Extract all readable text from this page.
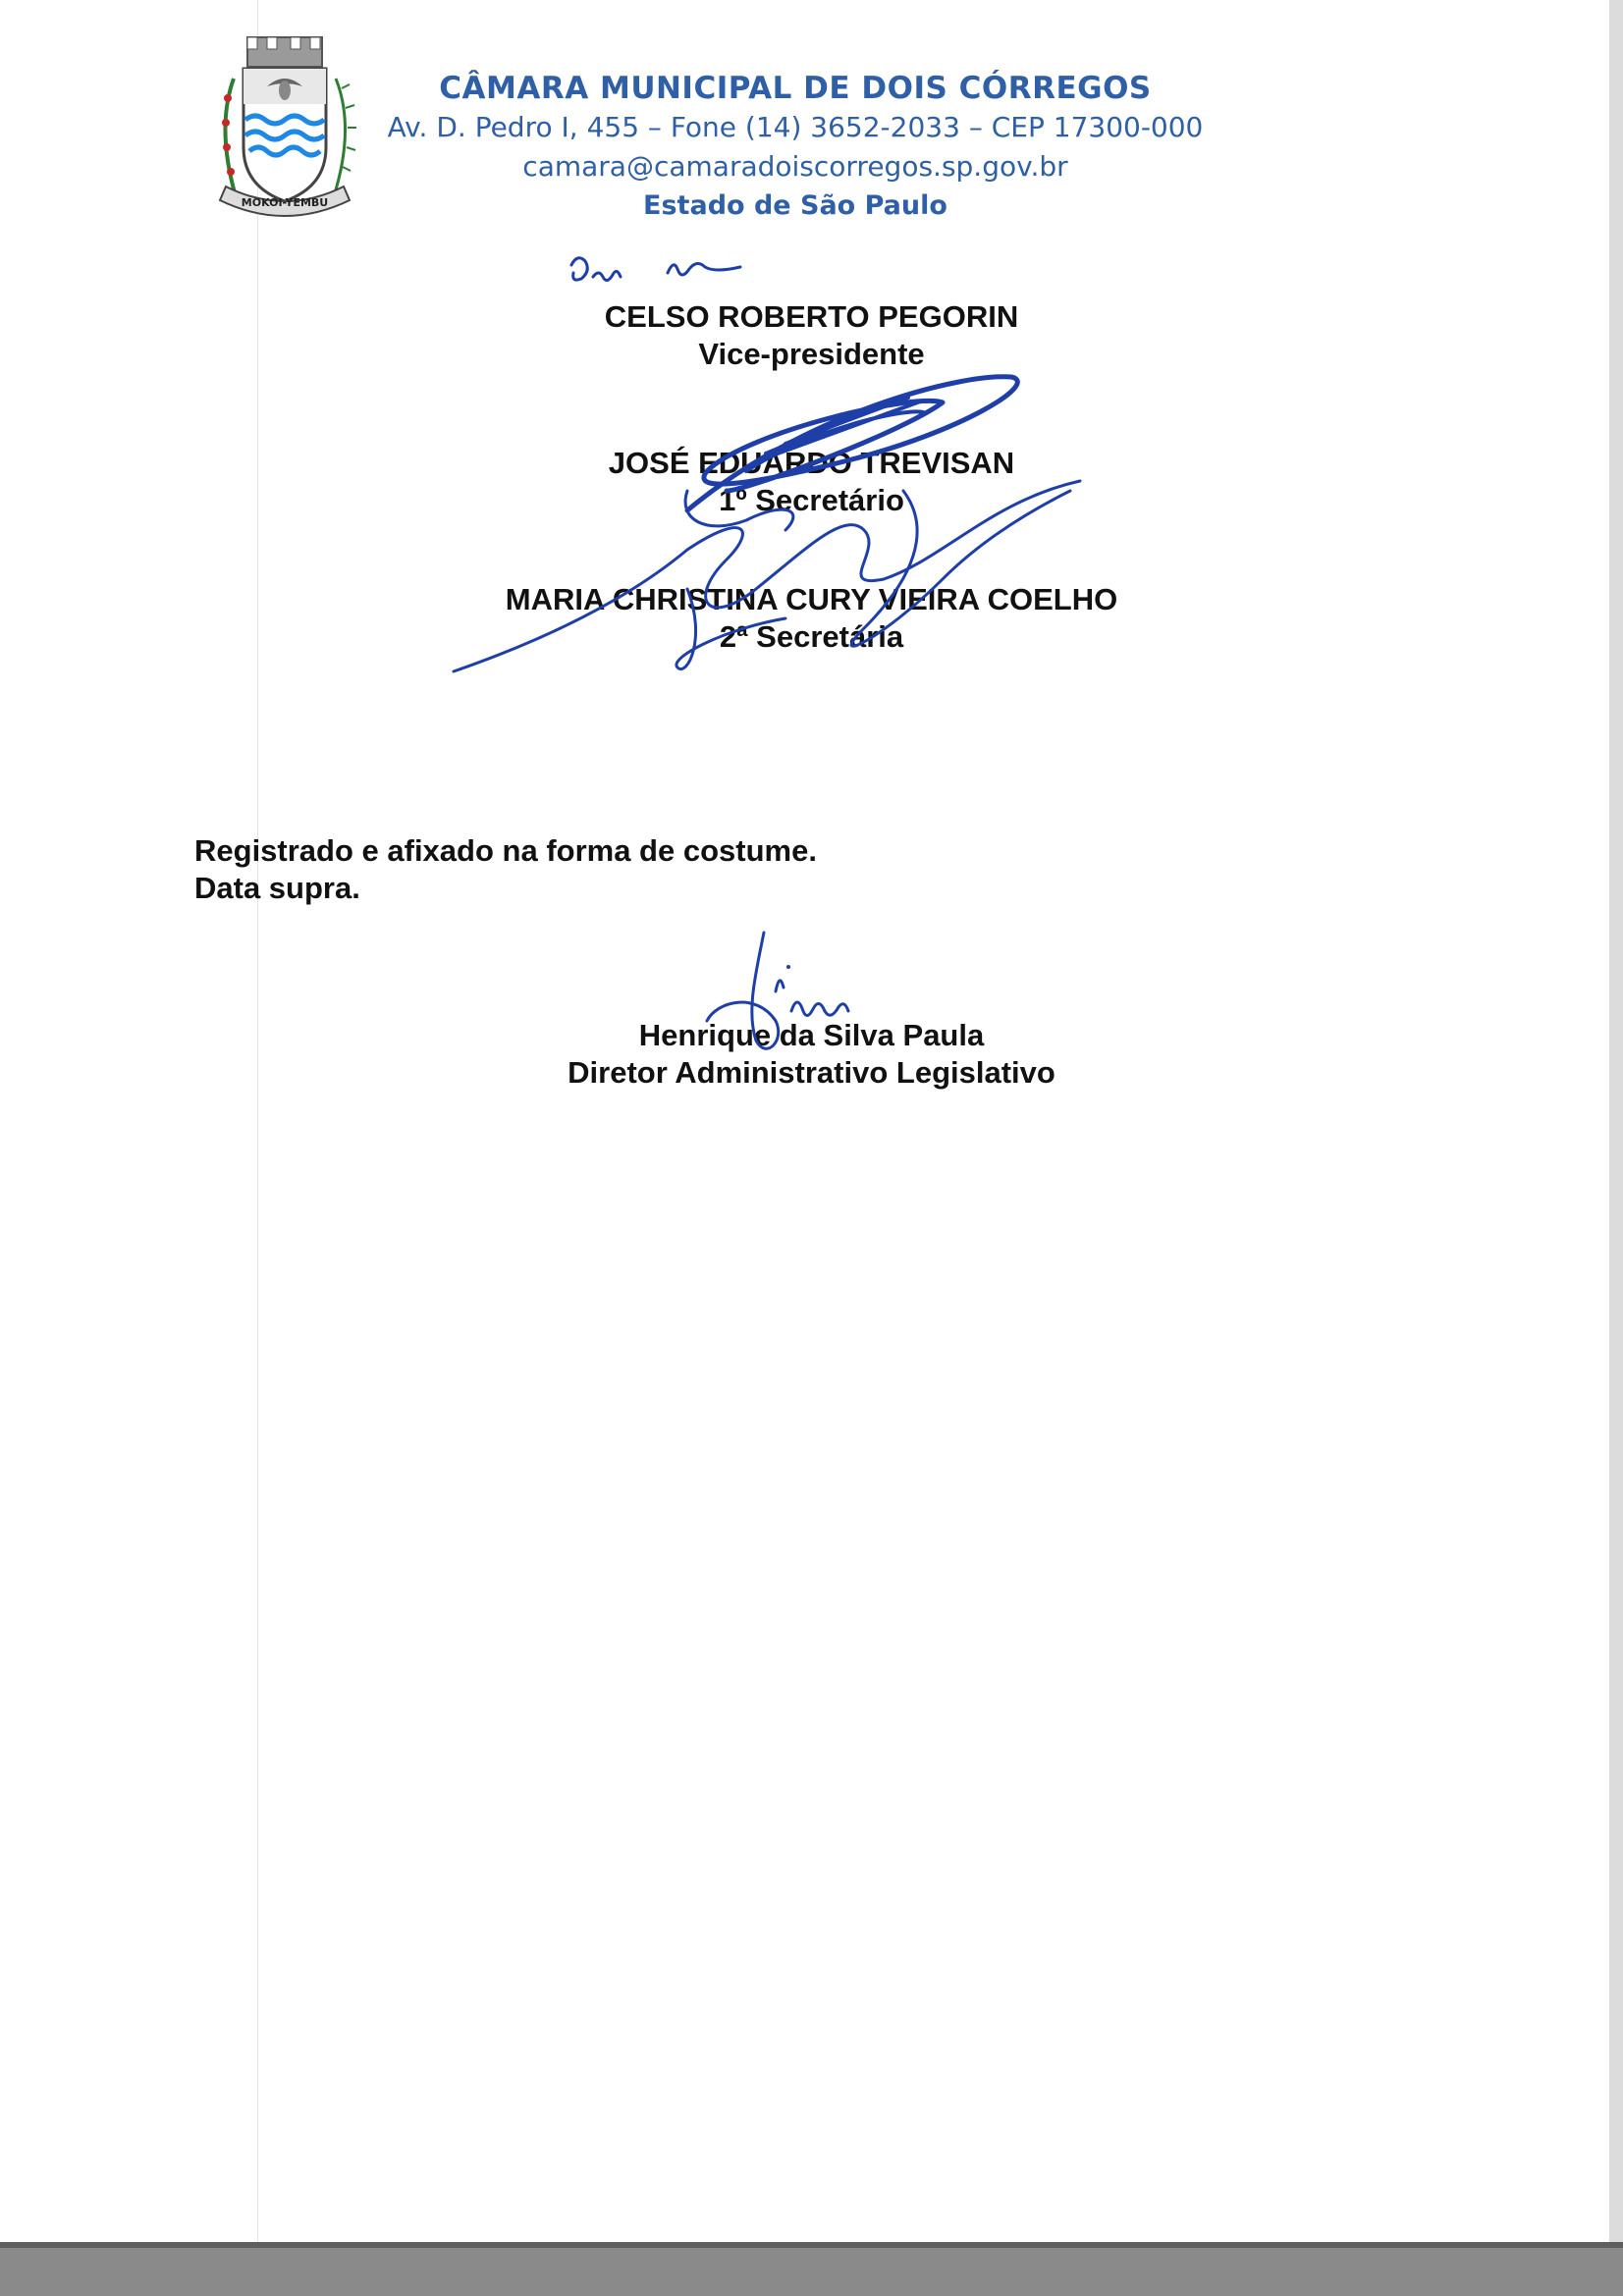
MOKOI-YEMBU
CÂMARA MUNICIPAL DE DOIS CÓRREGOS
Av. D. Pedro I, 455 – Fone (14) 3652-2033 – CEP 17300-000
camara@camaradoiscorregos.sp.gov.br
Estado de São Paulo
CELSO ROBERTO PEGORIN
Vice-presidente
JOSÉ EDUARDO TREVISAN
1º Secretário
MARIA CHRISTINA CURY VIEIRA COELHO
2ª Secretária
Registrado e afixado na forma de costume.
Data supra.
Henrique da Silva Paula
Diretor Administrativo Legislativo
